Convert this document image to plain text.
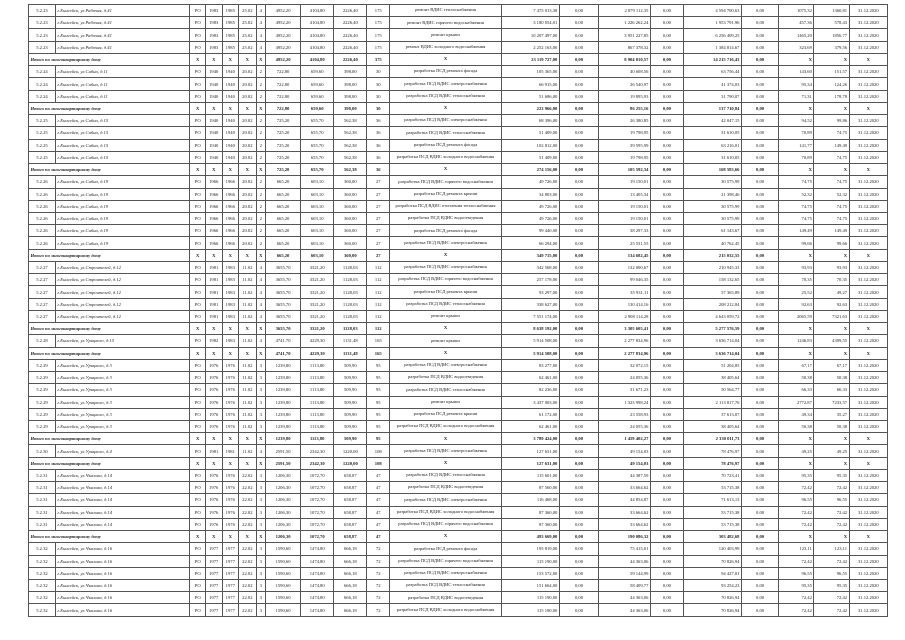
5.2.23	г.Енисейск, ул.Рабочая, д.41	РО	1983	1985	25.02	4	4952,20	4104,80	2226,40	175	ремонт ВДИС теплоснабжения	7 475 013,38	0,00	2 879 112,35	0,00	4 594 700,63	0,00	1075,32	1360,81	31.12.2020
5.2.23	г.Енисейск, ул.Рабочая, д.41	РО	1983	1985	25.02	4	4952,20	4104,80	2226,40	175	ремонт ВДИС горячего водоснабжения	3 180 054,01	0,00	1 226 262,24	0,00	1 953 791,96	0,00	457,36	578,43	31.12.2020
5.2.23	г.Енисейск, ул.Рабочая, д.41	РО	1983	1985	25.02	4	4952,20	4104,80	2226,40	175	ремонт крыши	10 207 497,00	0,00	3 951 227,85	0,00	6 256 409,25	0,00	1465,20	1856,77	31.12.2020
5.2.23	г.Енисейск, ул.Рабочая, д.41	РО	1983	1985	25.02	4	4952,20	4104,80	2226,40	175	ремонт ВДИС холодного водоснабжения	2 252 163,00	0,00	867 378,32	0,00	1 384 814,67	0,00	323,69	379,56	31.12.2020
Итого по многоквартирному дому		X	X	X	X	X	4952,20	4104,80	2226,40	375	X	23 119 727,00	0,00	8 904 010,57	0,00	14 215 716,43	0,00	X	X	X
5.2.24	г.Енисейск, ул.Сибна, д.11	РО	1940	1940	20.02	2	722,80	659,60	398,00	30	разработка ПСД ремонта фасада	105 365,00	0,00	40 608,56	0,00	63 756,44	0,00	143,60	151,57	31.12.2020
5.2.24	г.Енисейск, ул.Сибна, д.11	РО	1940	1940	20.02	2	722,80	659,60	398,00	30	разработка ПСД ВДИС электроснабжения	66 915,00	0,00	26 540,97	0,00	41 374,03	0,00	95,34	124,26	31.12.2020
5.2.24	г.Енисейск, ул.Сибна, д.11	РО	1940	1940	20.02	2	722,80	659,60	398,00	30	разработка ПСД ВДИС теплоснабжения	51 686,00	0,00	19 895,93	0,00	31 790,07	0,00	71,31	178,78	31.12.2020
Итого по многоквартирному дому		X	X	X	X	X	722,80	659,60	398,00	30	X	223 966,00	0,00	86 255,16	0,00	137 710,84	0,00	X	X	X
5.2.25	г.Енисейск, ул.Сибна, д.15	РО	1940	1940	20.02	2	725,20	655,70	562,38	36	разработка ПСД ВДИС электроснабжения	68 396,00	0,00	26 380,85	0,00	42 047,15	0,00	94,52	99,86	31.12.2020
5.2.25	г.Енисейск, ул.Сибна, д.15	РО	1940	1940	20.02	2	725,20	655,70	562,38	36	разработка ПСД ВДИС теплоснабжения	51 409,00	0,00	19 798,95	0,00	31 610,05	0,00	70,89	74,75	31.12.2020
5.2.25	г.Енисейск, ул.Сибна, д.15	РО	1940	1940	20.02	2	725,20	655,70	562,38	36	разработка ПСД ремонта фасада	102 812,00	0,00	39 595,99	0,00	63 216,01	0,00	141,77	149,49	31.12.2020
5.2.25	г.Енисейск, ул.Сибна, д.15	РО	1940	1940	20.02	2	725,20	655,70	562,38	36	разработка ПСД ВДИС холодного водоснабжения	51 409,00	0,00	19 798,95	0,00	31 610,05	0,00	70,89	74,75	31.12.2020
Итого по многоквартирному дому		X	X	X	X	X	725,20	655,70	562,38	36	X	274 156,00	0,00	105 592,34	0,00	168 583,66	0,00	X	X	X
5.2.26	г.Енисейск, ул.Сибна, д.19	РО	1966	1966	20.02	2	665,20	603,10	360,00	27	разработка ПСД ВДИС горячего водоснабжения	49 726,00	0,00	19 150,01	0,00	30 575,99	0,00	74,75	74,75	31.12.2020
5.2.26	г.Енисейск, ул.Сибна, д.19	РО	1966	1966	20.02	2	665,20	603,10	360,00	27	разработка ПСД ремонта крыши	34 803,00	0,00	13 405,34	0,00	21 398,46	0,00	52,32	52,32	31.12.2020
5.2.26	г.Енисейск, ул.Сибна, д.19	РО	1966	1966	20.02	2	665,20	603,10	360,00	27	разработка ПСД ВДИС отопления теплоснабжения	49 726,00	0,00	19 150,01	0,00	30 575,99	0,00	74,75	74,75	31.12.2020
5.2.26	г.Енисейск, ул.Сибна, д.19	РО	1966	1966	20.02	2	665,20	603,10	360,00	27	разработка ПСД ВДИС водоотведения	49 726,00	0,00	19 150,01	0,00	30 575,99	0,00	74,75	74,75	31.12.2020
5.2.26	г.Енисейск, ул.Сибна, д.19	РО	1966	1966	20.02	2	665,20	603,10	360,00	27	разработка ПСД ремонта фасада	99 440,00	0,00	38 297,33	0,00	61 143,67	0,00	149,49	149,49	31.12.2020
5.2.26	г.Енисейск, ул.Сибна, д.19	РО	1966	1966	20.02	2	665,20	603,10	360,00	27	разработка ПСД ВДИС электроснабжения	66 294,00	0,00	25 531,55	0,00	40 762,45	0,00	99,66	99,66	31.12.2020
Итого по многоквартирному дому		X	X	X	X	X	665,20	603,10	360,00	27	X	349 715,00	0,00	134 682,45	0,00	215 032,55	0,00	X	X	X
5.2.27	г.Енисейск, ул.Строителей, д.12	РО	1981	1983	11.02	4	3655,70	3321,20	1128,03	112	разработка ПСД ВДИС электроснабжения	342 568,00	0,00	132 000,67	0,00	210 945,33	0,00	93,93	93,93	31.12.2020
5.2.27	г.Енисейск, ул.Строителей, д.12	РО	1981	1983	11.02	4	3655,70	3321,20	1128,03	112	разработка ПСД ВДИС горячего водоснабжения	257 178,00	0,00	99 046,35	0,00	158 132,65	0,00	70,35	70,35	31.12.2020
5.2.27	г.Енисейск, ул.Строителей, д.12	РО	1981	1983	11.02	4	3655,70	3321,20	1128,03	112	разработка ПСД ремонта крыши	93 297,00	0,00	35 931,11	0,00	57 365,89	0,00	25,52	49,27	31.12.2020
5.2.27	г.Енисейск, ул.Строителей, д.12	РО	1981	1983	11.02	4	3655,70	3321,20	1128,03	112	разработка ПСД ВДИС теплоснабжения	338 627,00	0,00	130 414,16	0,00	208 212,84	0,00	92,63	92,63	31.12.2020
5.2.27	г.Енисейск, ул.Строителей, д.12	РО	1981	1983	11.02	4	3655,70	3321,20	1128,03	112	ремонт крыши	7 551 174,00	0,00	2 908 114,28	0,00	4 643 059,72	0,00	2065,59	7321,63	31.12.2020
Итого по многоквартирному дому		X	X	X	X	X	3655,70	3321,20	1128,03	112	X	8 638 192,00	0,00	3 305 605,41	0,00	5 277 576,59	0,00	X	X	X
5.2.28	г.Енисейск, ул.Урицкого, д.15	РО	1982	1983	11.02	4	4741,70	4229,30	1131,48	165	ремонт крыши	5 914 508,00	0,00	2 277 834,96	0,00	3 636 714,04	0,00	1246,83	4399,55	31.12.2020
Итого по многоквартирному дому		X	X	X	X	X	4741,70	4229,30	1131,48	165	X	5 914 508,00	0,00	2 277 834,96	0,00	3 636 714,04	0,00	X	X	X
5.2.29	г.Енисейск, ул.Урицкого, д.3	РО	1976	1976	11.02	3	1239,80	1113,80	509,90	95	разработка ПСД ВДИС электроснабжения	83 277,00	0,00	32 072,15	0,00	51 204,85	0,00	67,17	67,17	31.12.2020
5.2.29	г.Енисейск, ул.Урицкого, д.3	РО	1976	1976	11.02	3	1239,80	1113,80	509,90	95	разработка ПСД ВДИС водоотведения	62 461,00	0,00	24 055,36	0,00	38 405,64	0,00	50,38	50,38	31.12.2020
5.2.29	г.Енисейск, ул.Урицкого, д.3	РО	1976	1976	11.02	3	1239,80	1113,80	509,90	95	разработка ПСД ВДИС теплоснабжения	82 236,00	0,00	31 671,23	0,00	50 564,77	0,00	66,33	66,33	31.12.2020
5.2.29	г.Енисейск, ул.Урицкого, д.3	РО	1976	1976	11.02	3	1239,80	1113,80	509,90	95	ремонт крыши	3 437 003,00	0,00	1 323 998,24	0,00	2 113 817,76	0,00	2772,87	7233,57	31.12.2020
5.2.29	г.Енисейск, ул.Урицкого, д.3	РО	1976	1976	11.02	3	1239,80	1113,80	509,90	95	разработка ПСД ремонта крыши	61 172,00	0,00	23 558,93	0,00	37 613,07	0,00	49,34	35,27	31.12.2020
5.2.29	г.Енисейск, ул.Урицкого, д.3	РО	1976	1976	11.02	3	1239,80	1113,80	509,90	95	разработка ПСД ВДИС холодного водоснабжения	62 461,00	0,00	24 055,36	0,00	38 405,64	0,00	50,38	50,38	31.12.2020
Итого по многоквартирному дому		X	X	X	X	X	1239,80	1113,80	509,90	95	X	3 789 424,00	0,00	1 459 402,27	0,00	2 330 011,73	0,00	X	X	X
5.2.30	г.Енисейск, ул.Урицкого, д.4	РО	1981	1981	11.02	4	2591,50	2342,30	1220,00	108	разработка ПСД ВДИС электроснабжения	127 631,00	0,00	49 154,03	0,00	78 476,97	0,00	49,25	49,25	31.12.2020
Итого по многоквартирному дому		X	X	X	X	X	2591,50	2342,30	1220,00	108	X	127 631,00	0,00	49 154,03	0,00	78 476,97	0,00	X	X	X
5.2.31	г.Енисейск, ул.Чкалова, д.14	РО	1976	1976	22.02	3	1206,30	1072,70	658,87	47	разработка ПСД ВДИС теплоснабжения	115 601,00	0,00	44 387,59	0,00	70 723,41	0,00	95,35	95,35	31.12.2020
5.2.31	г.Енисейск, ул.Чкалова, д.14	РО	1976	1976	22.02	3	1206,30	1072,70	658,87	47	разработка ПСД ВДИС водоотведения	87 560,00	0,00	33 664,62	0,00	53 715,38	0,00	72,42	72,42	31.12.2020
5.2.31	г.Енисейск, ул.Чкалова, д.14	РО	1976	1976	22.02	3	1206,30	1072,70	658,87	47	разработка ПСД ВДИС электроснабжения	116 468,00	0,00	44 854,87	0,00	71 613,13	0,00	96,55	96,55	31.12.2020
5.2.31	г.Енисейск, ул.Чкалова, д.14	РО	1976	1976	22.02	3	1206,30	1072,70	658,87	47	разработка ПСД ВДИС холодного водоснабжения	87 360,00	0,00	33 664,62	0,00	53 715,38	0,00	72,42	72,42	31.12.2020
5.2.31	г.Енисейск, ул.Чкалова, д.14	РО	1976	1976	22.02	3	1206,30	1072,70	658,87	47	разработка ПСД ВДИС горячего водоснабжения	87 360,00	0,00	33 664,62	0,00	53 715,38	0,00	72,42	72,42	31.12.2020
Итого по многоквартирному дому		X	X	X	X	X	1206,30	1072,70	658,87	47	X	493 669,00	0,00	190 086,32	0,00	303 482,68	0,00	X	X	X
5.2.32	г.Енисейск, ул.Чкалова, д.16	РО	1977	1977	22.02	3	1590,60	1474,80	666,18	72	разработка ПСД ремонта фасада	195 819,00	0,00	75 415,01	0,00	120 403,99	0,00	123,11	123,11	31.12.2020
5.2.32	г.Енисейск, ул.Чкалова, д.16	РО	1977	1977	22.02	3	1590,60	1474,80	666,18	72	разработка ПСД ВДИС горячего водоснабжения	115 190,00	0,00	44 363,06	0,00	70 826,94	0,00	72,42	72,42	31.12.2020
5.2.32	г.Енисейск, ул.Чкалова, д.16	РО	1977	1977	22.02	3	1590,60	1474,80	666,18	72	разработка ПСД ВДИС электроснабжения	153 572,00	0,00	59 144,99	0,00	94 427,01	0,00	96,55	96,55	31.12.2020
5.2.32	г.Енисейск, ул.Чкалова, д.16	РО	1977	1977	22.02	3	1590,60	1474,80	666,18	72	разработка ПСД ВДИС теплоснабжения	151 664,00	0,00	58 409,77	0,00	93 254,23	0,00	95,35	95,35	31.12.2020
5.2.32	г.Енисейск, ул.Чкалова, д.16	РО	1977	1977	22.02	3	1590,60	1474,80	666,18	72	разработка ПСД ВДИС водоотведения	115 190,00	0,00	44 363,06	0,00	70 826,94	0,00	72,42	72,42	31.12.2020
5.2.32	г.Енисейск, ул.Чкалова, д.16	РО	1977	1977	22.02	3	1590,60	1474,80	666,18	72	разработка ПСД ВДИС холодного водоснабжения	115 190,00	0,00	44 363,06	0,00	70 826,94	0,00	72,42	72,42	31.12.2020
